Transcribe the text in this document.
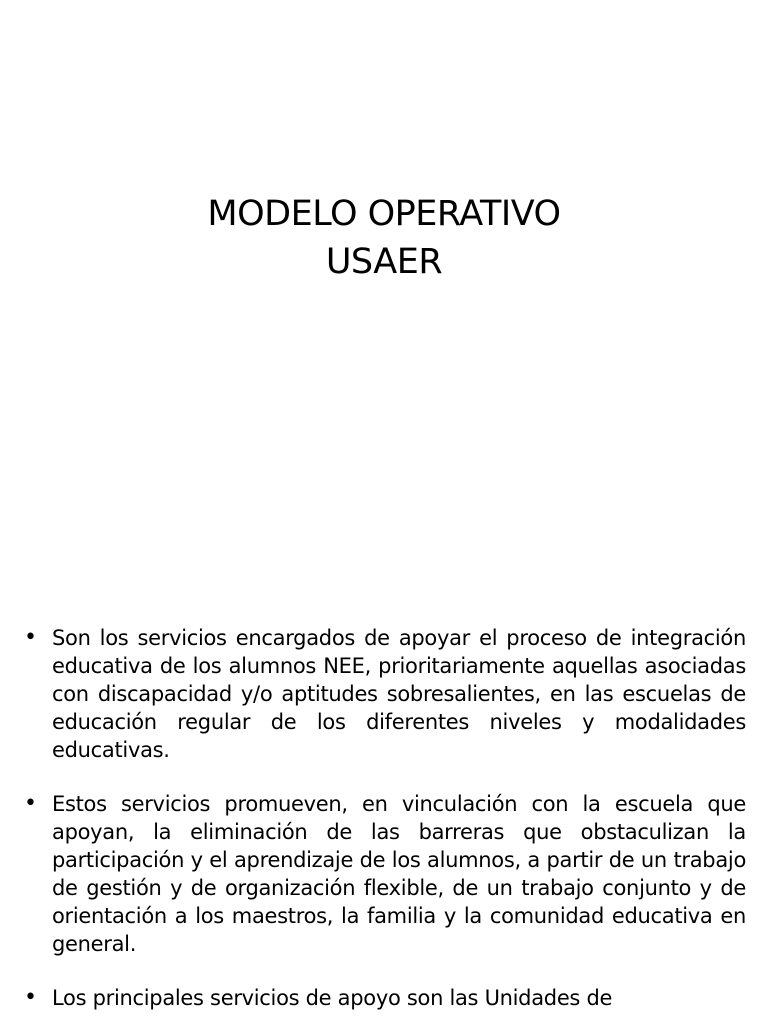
MODELO OPERATIVO
USAER
• Son los servicios encargados de apoyar el proceso de integración educativa de los alumnos NEE, prioritariamente aquellas asociadas con discapacidad y/o aptitudes sobresalientes, en las escuelas de educación regular de los diferentes niveles y modalidades educativas.
• Estos servicios promueven, en vinculación con la escuela que apoyan, la eliminación de las barreras que obstaculizan la participación y el aprendizaje de los alumnos, a partir de un trabajo de gestión y de organización flexible, de un trabajo conjunto y de orientación a los maestros, la familia y la comunidad educativa en general.
• Los principales servicios de apoyo son las Unidades de
